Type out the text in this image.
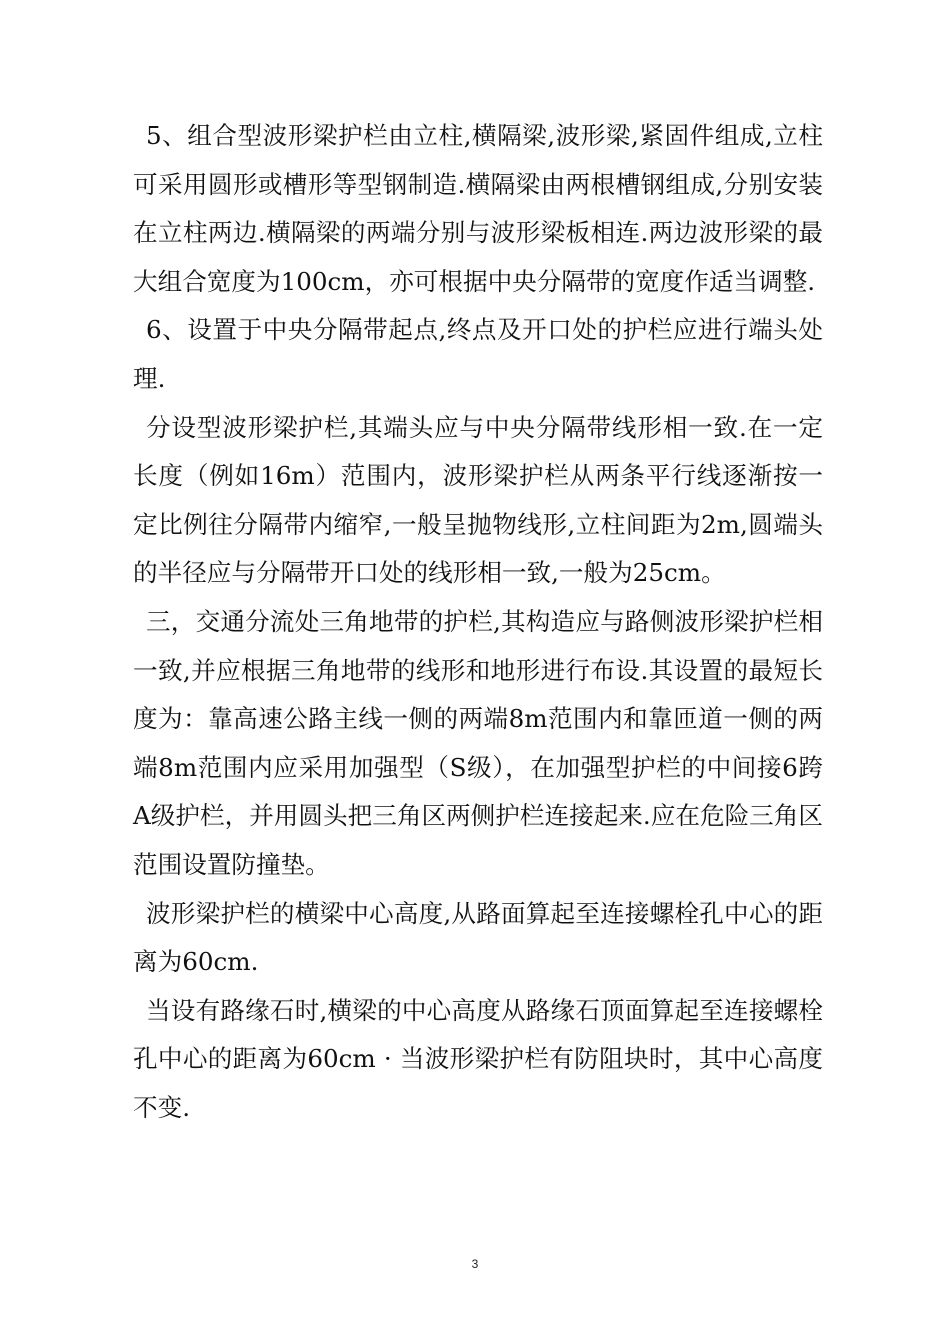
5、组合型波形梁护栏由立柱,横隔梁,波形梁,紧固件组成,立柱可采用圆形或槽形等型钢制造.横隔梁由两根槽钢组成,分别安装在立柱两边.横隔梁的两端分别与波形梁板相连.两边波形梁的最大组合宽度为100cm，亦可根据中央分隔带的宽度作适当调整.

6、设置于中央分隔带起点,终点及开口处的护栏应进行端头处理.

分设型波形梁护栏,其端头应与中央分隔带线形相一致.在一定长度（例如16m）范围内，波形梁护栏从两条平行线逐渐按一定比例往分隔带内缩窄,一般呈抛物线形,立柱间距为2m,圆端头的半径应与分隔带开口处的线形相一致,一般为25cm。

三，交通分流处三角地带的护栏,其构造应与路侧波形梁护栏相一致,并应根据三角地带的线形和地形进行布设.其设置的最短长度为：靠高速公路主线一侧的两端8m范围内和靠匝道一侧的两端8m范围内应采用加强型（S级），在加强型护栏的中间接6跨A级护栏，并用圆头把三角区两侧护栏连接起来.应在危险三角区范围设置防撞垫。

波形梁护栏的横梁中心高度,从路面算起至连接螺栓孔中心的距离为60cm.

当设有路缘石时,横梁的中心高度从路缘石顶面算起至连接螺栓孔中心的距离为60cm · 当波形梁护栏有防阻块时，其中心高度不变.

3
